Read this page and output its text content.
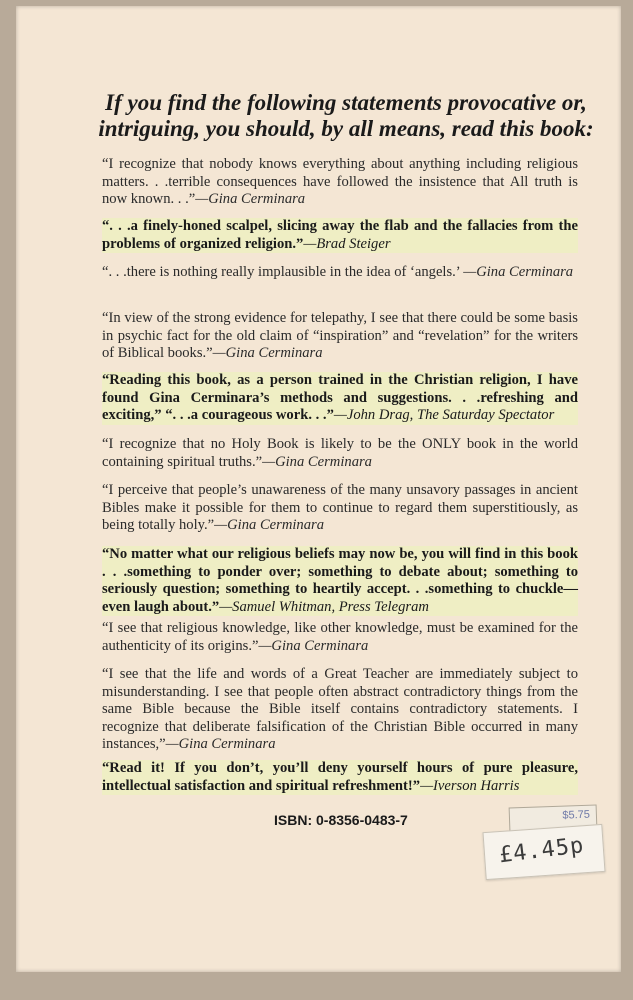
If you find the following statements provocative or,
intriguing, you should, by all means, read this book:

“I recognize that nobody knows everything about anything including religious matters. . .terrible consequences have followed the insistence that All truth is now known. . .”—Gina Cerminara

“. . .a finely-honed scalpel, slicing away the flab and the fallacies from the problems of organized religion.”—Brad Steiger

“. . .there is nothing really implausible in the idea of ‘angels.’ —Gina Cerminara

“In view of the strong evidence for telepathy, I see that there could be some basis in psychic fact for the old claim of “inspiration” and “revelation” for the writers of Biblical books.”—Gina Cerminara

“Reading this book, as a person trained in the Christian religion, I have found Gina Cerminara’s methods and suggestions. . .refreshing and exciting,” “. . .a courageous work. . .”—John Drag, The Saturday Spectator

“I recognize that no Holy Book is likely to be the ONLY book in the world containing spiritual truths.”—Gina Cerminara

“I perceive that people’s unawareness of the many unsavory passages in ancient Bibles make it possible for them to continue to regard them superstitiously, as being totally holy.”—Gina Cerminara

“No matter what our religious beliefs may now be, you will find in this book . . .something to ponder over; something to debate about; something to seriously question; something to heartily accept. . .something to chuckle—even laugh about.”—Samuel Whitman, Press Telegram

“I see that religious knowledge, like other knowledge, must be examined for the authenticity of its origins.”—Gina Cerminara

“I see that the life and words of a Great Teacher are immediately subject to misunderstanding. I see that people often abstract contradictory things from the same Bible because the Bible itself contains contradictory statements. I recognize that deliberate falsification of the Christian Bible occurred in many instances,”—Gina Cerminara

“Read it! If you don’t, you’ll deny yourself hours of pure pleasure, intellectual satisfaction and spiritual refreshment!”—Iverson Harris

ISBN: 0-8356-0483-7	$5.75
£4.45p
